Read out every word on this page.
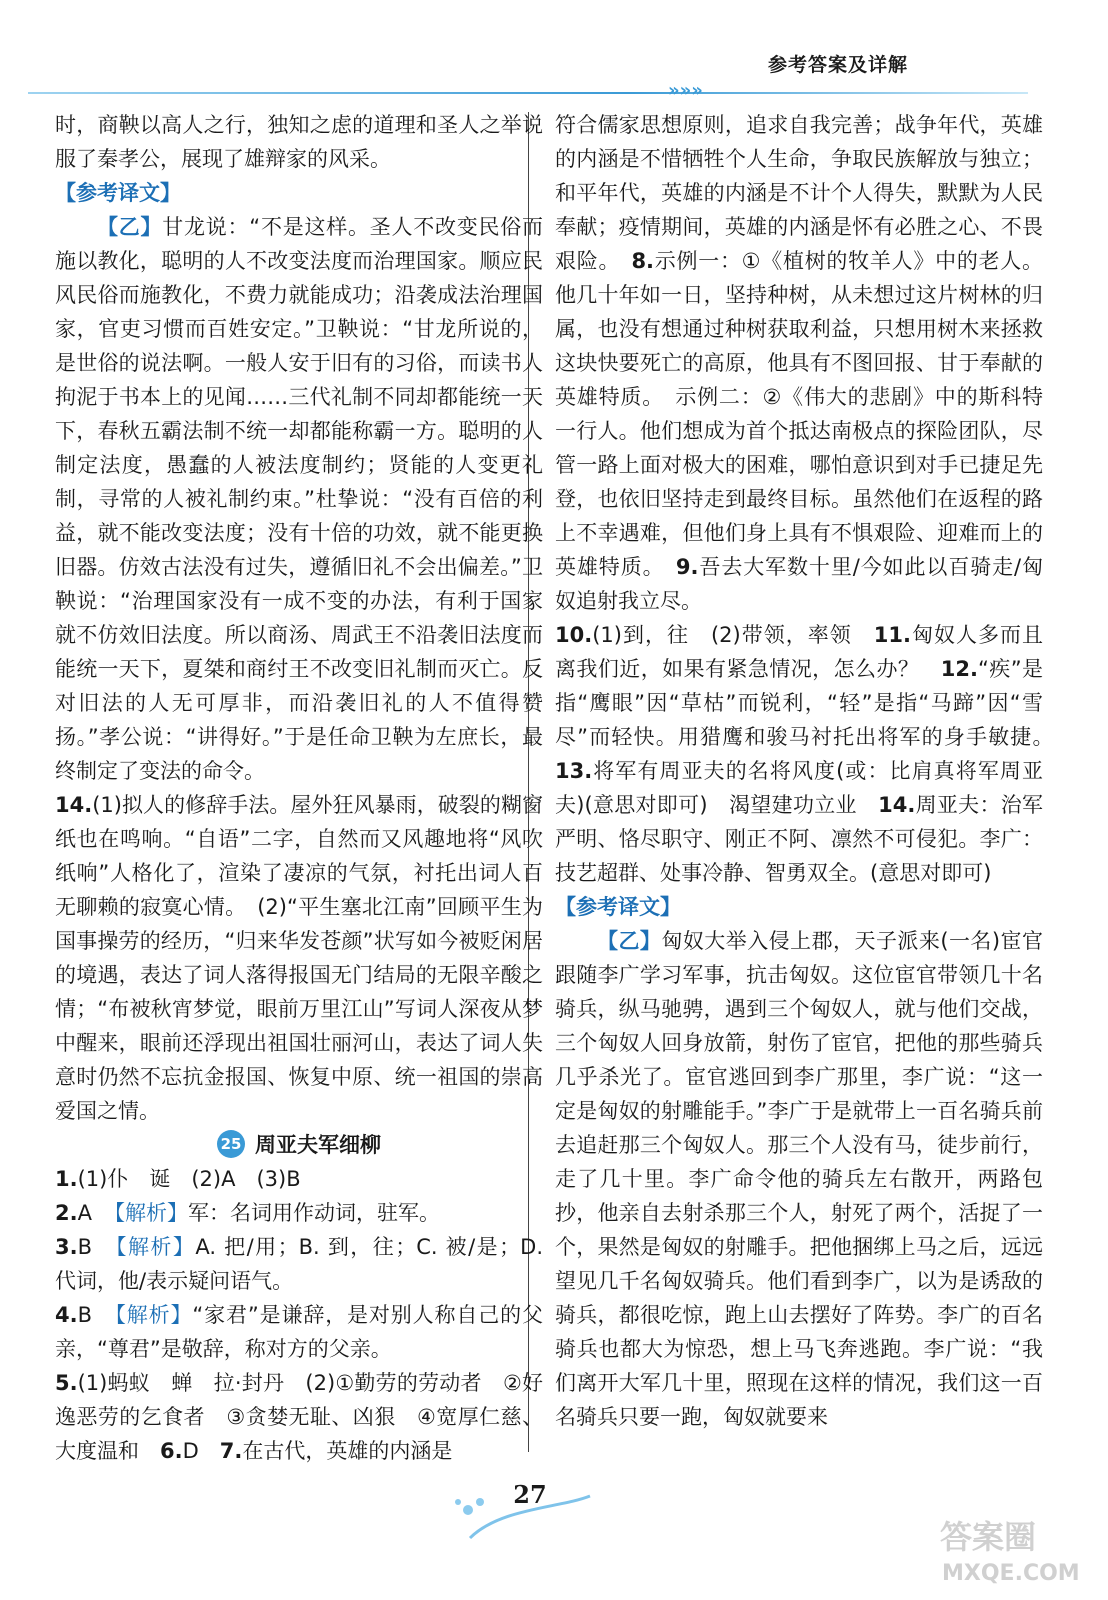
参考答案及详解
»»»

时，商鞅以高人之行，独知之虑的道理和圣人之举说服了秦孝公，展现了雄辩家的风采。

【参考译文】

【乙】甘龙说：“不是这样。圣人不改变民俗而施以教化，聪明的人不改变法度而治理国家。顺应民风民俗而施教化，不费力就能成功；沿袭成法治理国家，官吏习惯而百姓安定。”卫鞅说：“甘龙所说的，是世俗的说法啊。一般人安于旧有的习俗，而读书人拘泥于书本上的见闻……三代礼制不同却都能统一天下，春秋五霸法制不统一却都能称霸一方。聪明的人制定法度，愚蠢的人被法度制约；贤能的人变更礼制，寻常的人被礼制约束。”杜挚说：“没有百倍的利益，就不能改变法度；没有十倍的功效，就不能更换旧器。仿效古法没有过失，遵循旧礼不会出偏差。”卫鞅说：“治理国家没有一成不变的办法，有利于国家就不仿效旧法度。所以商汤、周武王不沿袭旧法度而能统一天下，夏桀和商纣王不改变旧礼制而灭亡。反对旧法的人无可厚非，而沿袭旧礼的人不值得赞扬。”孝公说：“讲得好。”于是任命卫鞅为左庶长，最终制定了变法的命令。

14.(1)拟人的修辞手法。屋外狂风暴雨，破裂的糊窗纸也在鸣响。“自语”二字，自然而又风趣地将“风吹纸响”人格化了，渲染了凄凉的气氛，衬托出词人百无聊赖的寂寞心情。　(2)“平生塞北江南”回顾平生为国事操劳的经历，“归来华发苍颜”状写如今被贬闲居的境遇，表达了词人落得报国无门结局的无限辛酸之情；“布被秋宵梦觉，眼前万里江山”写词人深夜从梦中醒来，眼前还浮现出祖国壮丽河山，表达了词人失意时仍然不忘抗金报国、恢复中原、统一祖国的崇高爱国之情。

25 周亚夫军细柳

1.(1)仆　诞　(2)A　(3)B

2.A 【解析】军：名词用作动词，驻军。

3.B 【解析】A. 把/用；B. 到，往；C. 被/是；D. 代词，他/表示疑问语气。

4.B 【解析】“家君”是谦辞，是对别人称自己的父亲，“尊君”是敬辞，称对方的父亲。

5.(1)蚂蚁　蝉　拉·封丹　(2)①勤劳的劳动者　②好逸恶劳的乞食者　③贪婪无耻、凶狠　④宽厚仁慈、大度温和　6.D　7.在古代，英雄的内涵是

符合儒家思想原则，追求自我完善；战争年代，英雄的内涵是不惜牺牲个人生命，争取民族解放与独立；和平年代，英雄的内涵是不计个人得失，默默为人民奉献；疫情期间，英雄的内涵是怀有必胜之心、不畏艰险。　8.示例一：①《植树的牧羊人》中的老人。他几十年如一日，坚持种树，从未想过这片树林的归属，也没有想通过种树获取利益，只想用树木来拯救这块快要死亡的高原，他具有不图回报、甘于奉献的英雄特质。　示例二：②《伟大的悲剧》中的斯科特一行人。他们想成为首个抵达南极点的探险团队，尽管一路上面对极大的困难，哪怕意识到对手已捷足先登，也依旧坚持走到最终目标。虽然他们在返程的路上不幸遇难，但他们身上具有不惧艰险、迎难而上的英雄特质。　9.吾去大军数十里/今如此以百骑走/匈奴追射我立尽。

10.(1)到，往　(2)带领，率领　11.匈奴人多而且离我们近，如果有紧急情况，怎么办？　12.“疾”是指“鹰眼”因“草枯”而锐利，“轻”是指“马蹄”因“雪尽”而轻快。用猎鹰和骏马衬托出将军的身手敏捷。　13.将军有周亚夫的名将风度(或：比肩真将军周亚夫)(意思对即可)　渴望建功立业　14.周亚夫：治军严明、恪尽职守、刚正不阿、凛然不可侵犯。李广：技艺超群、处事冷静、智勇双全。(意思对即可)

【参考译文】

【乙】匈奴大举入侵上郡，天子派来(一名)宦官跟随李广学习军事，抗击匈奴。这位宦官带领几十名骑兵，纵马驰骋，遇到三个匈奴人，就与他们交战，三个匈奴人回身放箭，射伤了宦官，把他的那些骑兵几乎杀光了。宦官逃回到李广那里，李广说：“这一定是匈奴的射雕能手。”李广于是就带上一百名骑兵前去追赶那三个匈奴人。那三个人没有马，徒步前行，走了几十里。李广命令他的骑兵左右散开，两路包抄，他亲自去射杀那三个人，射死了两个，活捉了一个，果然是匈奴的射雕手。把他捆绑上马之后，远远望见几千名匈奴骑兵。他们看到李广，以为是诱敌的骑兵，都很吃惊，跑上山去摆好了阵势。李广的百名骑兵也都大为惊恐，想上马飞奔逃跑。李广说：“我们离开大军几十里，照现在这样的情况，我们这一百名骑兵只要一跑，匈奴就要来

27
答案圈
MXQE.COM
